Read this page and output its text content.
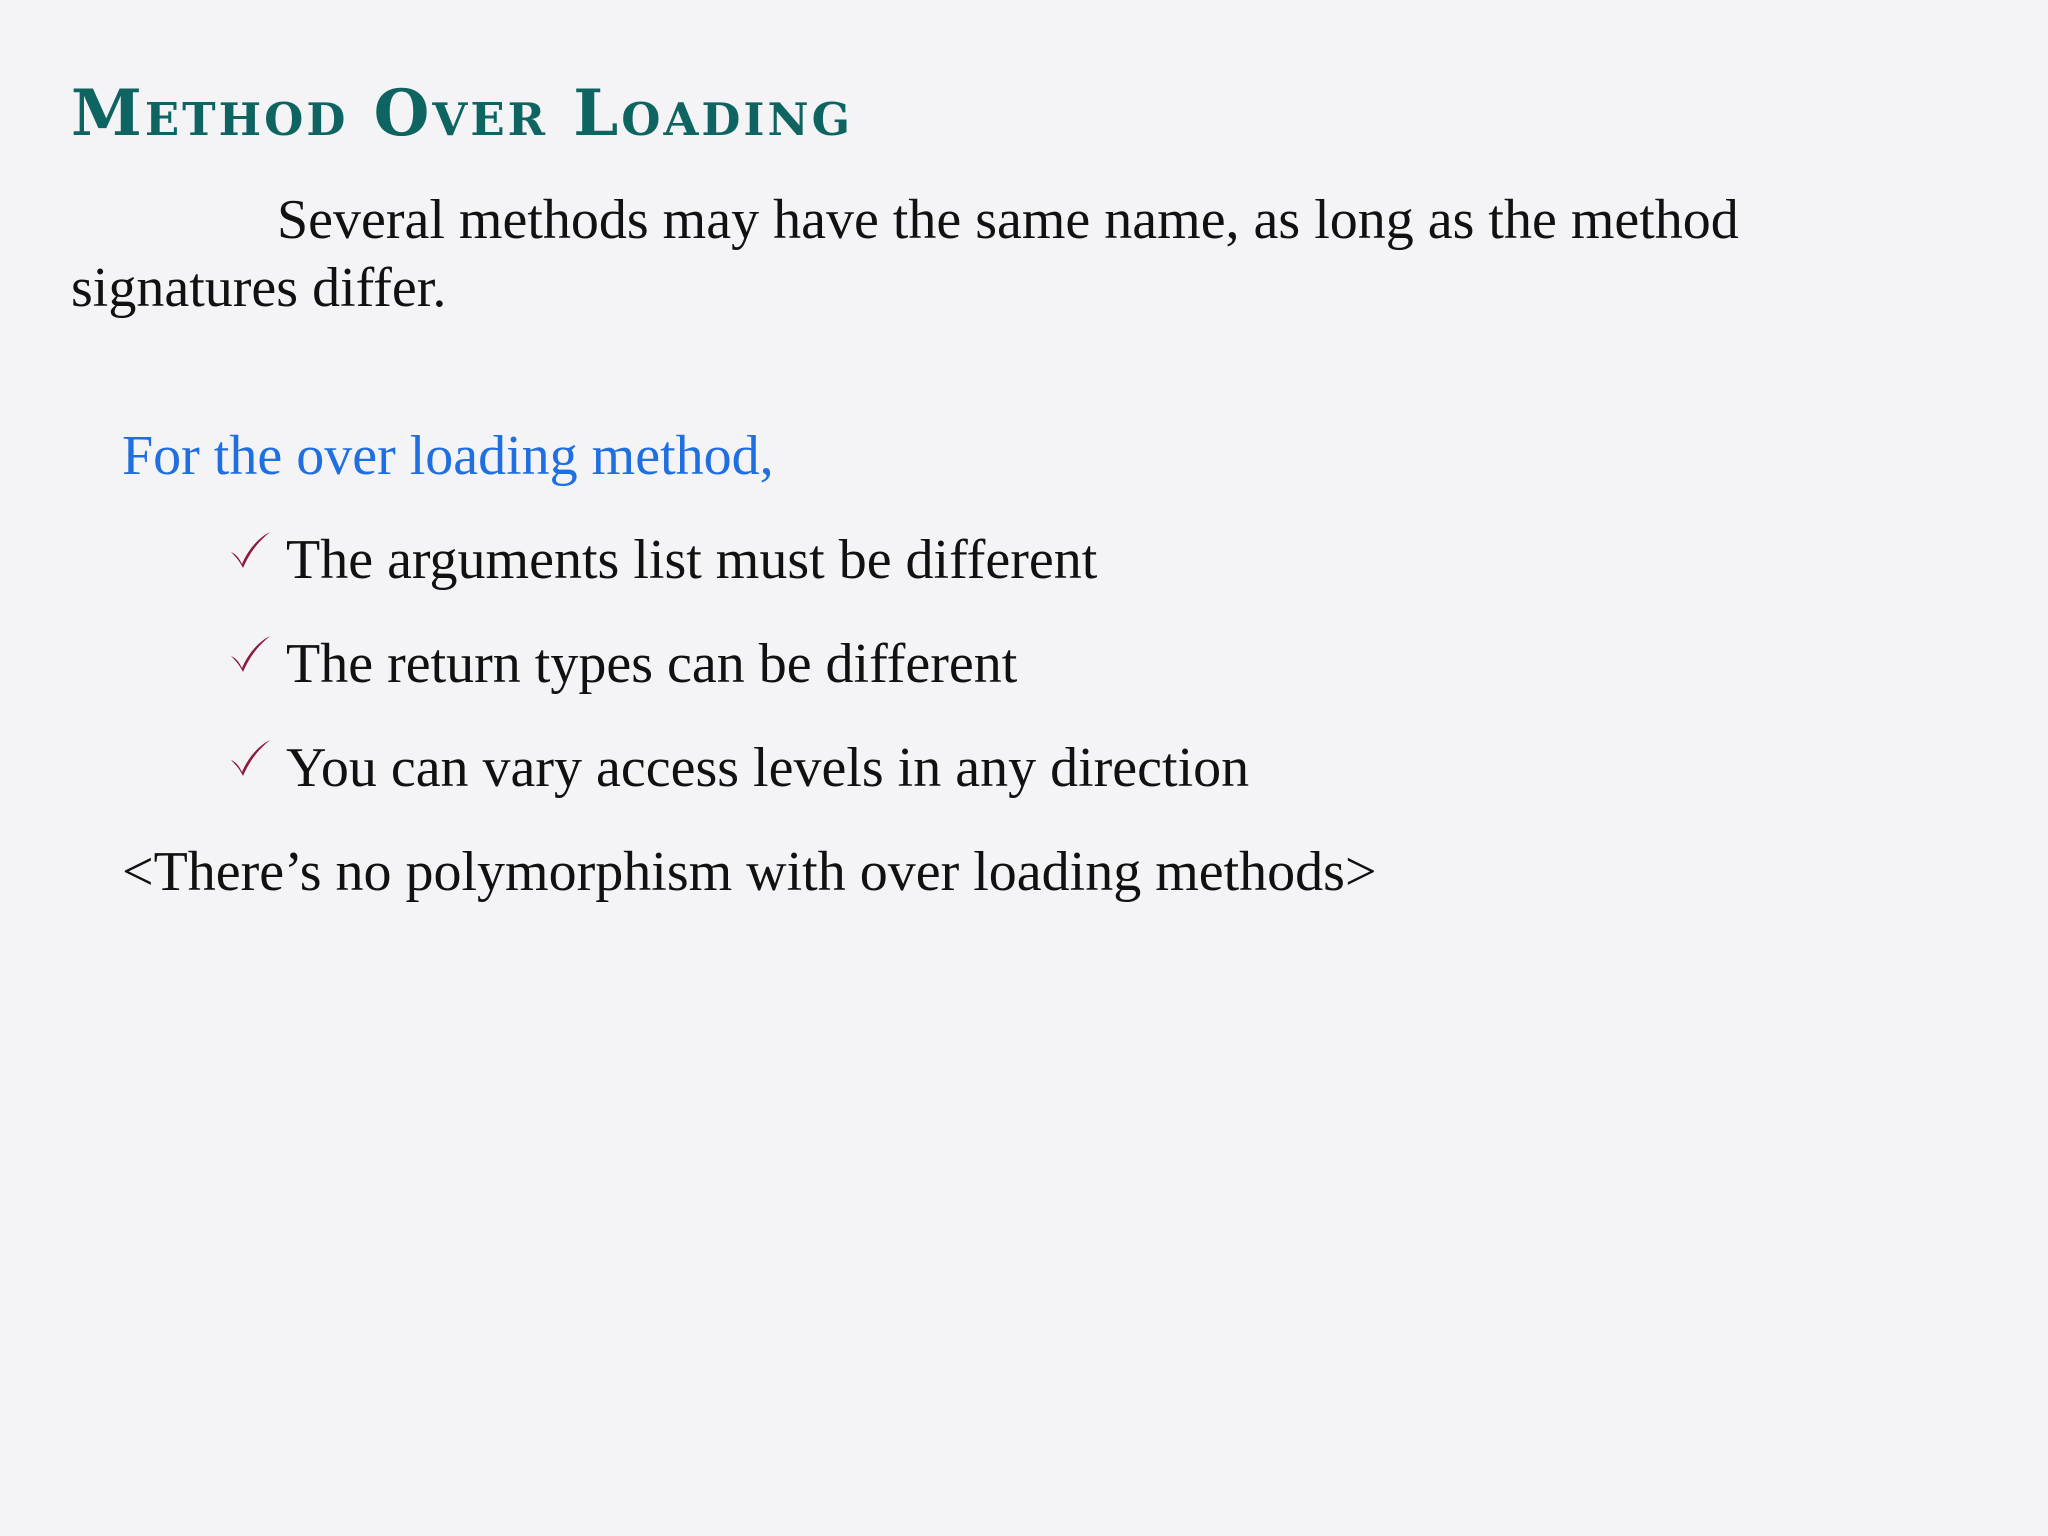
Method Over Loading

Several methods may have the same name, as long as the method signatures differ.

For the over loading method,

The arguments list must be different
The return types can be different
You can vary access levels in any direction

<There’s no polymorphism with over loading methods>
